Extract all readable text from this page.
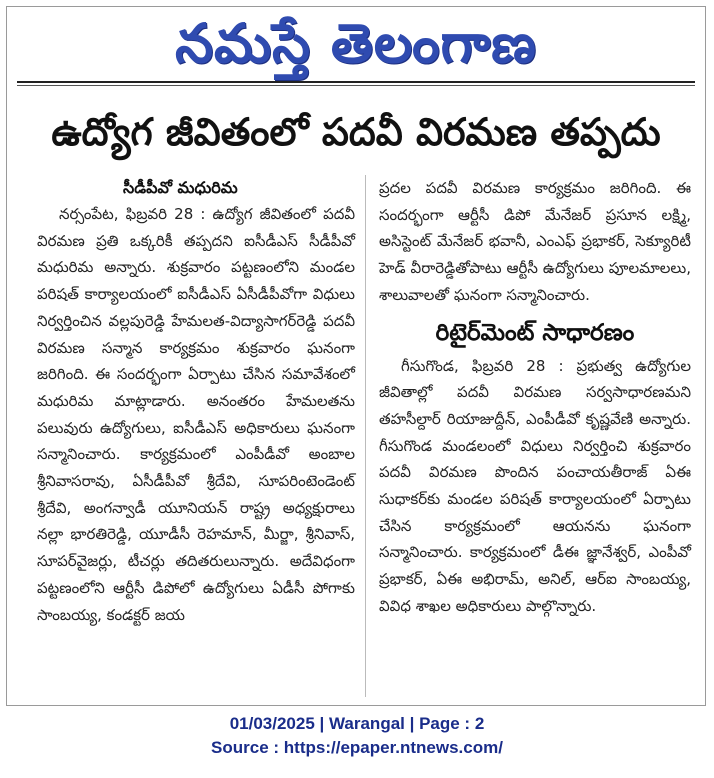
నమస్తే తెలంగాణ
ఉద్యోగ జీవితంలో పదవీ విరమణ తప్పదు
సీడీపీవో మధురిమ

నర్సంపేట, ఫిబ్రవరి 28 : ఉద్యోగ జీవితంలో పదవీ విరమణ ప్రతి ఒక్కరికీ తప్పదని ఐసీడీఎస్ సీడీపీవో మధురిమ అన్నారు. శుక్రవారం పట్టణంలోని మండల పరిషత్ కార్యాలయంలో ఐసీడీఎస్ ఏసీడీపీవోగా విధులు నిర్వర్తించిన వల్లపురెడ్డి హేమలత-విద్యాసాగర్‌రెడ్డి పదవీ విరమణ సన్మాన కార్యక్రమం శుక్రవారం ఘనంగా జరిగింది. ఈ సందర్భంగా ఏర్పాటు చేసిన సమావేశంలో మధురిమ మాట్లాడారు. అనంతరం హేమలతను పలువురు ఉద్యోగులు, ఐసీడీఎస్ అధికారులు ఘనంగా సన్మానించారు. కార్యక్రమంలో ఎంపీడీవో అంబాల శ్రీనివాసరావు, ఏసీడీపీవో శ్రీదేవి, సూపరింటెండెంట్ శ్రీదేవి, అంగన్వాడీ యూనియన్ రాష్ట్ర అధ్యక్షురాలు నల్లా భారతిరెడ్డి, యూడీసీ రెహమాన్, మీర్జా, శ్రీనివాస్, సూపర్‌వైజర్లు, టీచర్లు తదితరులున్నారు. అదేవిధంగా పట్టణంలోని ఆర్టీసీ డిపోలో ఉద్యోగులు ఏడీసీ పోగాకు సాంబయ్య, కండక్టర్ జయ

ప్రదల పదవీ విరమణ కార్యక్రమం జరిగింది. ఈ సందర్భంగా ఆర్టీసీ డిపో మేనేజర్ ప్రసూన లక్ష్మి, అసిస్టెంట్ మేనేజర్ భవానీ, ఎంఎఫ్ ప్రభాకర్, సెక్యూరిటీ హెడ్ వీరారెడ్డితోపాటు ఆర్టీసీ ఉద్యోగులు పూలమాలలు, శాలువాలతో ఘనంగా సన్మానించారు.

రిటైర్‌మెంట్ సాధారణం

గీసుగొండ, ఫిబ్రవరి 28 : ప్రభుత్వ ఉద్యోగుల జీవితాల్లో పదవీ విరమణ సర్వసాధారణమని తహసీల్దార్ రియాజుద్దీన్, ఎంపీడీవో కృష్ణవేణి అన్నారు. గీసుగొండ మండలంలో విధులు నిర్వర్తించి శుక్రవారం పదవీ విరమణ పొందిన పంచాయతీరాజ్ ఏఈ సుధాకర్‌కు మండల పరిషత్ కార్యాలయంలో ఏర్పాటు చేసిన కార్యక్రమంలో ఆయనను ఘనంగా సన్మానించారు. కార్యక్రమంలో డీఈ జ్ఞానేశ్వర్, ఎంపీవో ప్రభాకర్, ఏఈ అభిరామ్, అనిల్, ఆర్ఐ సాంబయ్య, వివిధ శాఖల అధికారులు పాల్గొన్నారు.

01/03/2025 | Warangal | Page : 2
Source : https://epaper.ntnews.com/
